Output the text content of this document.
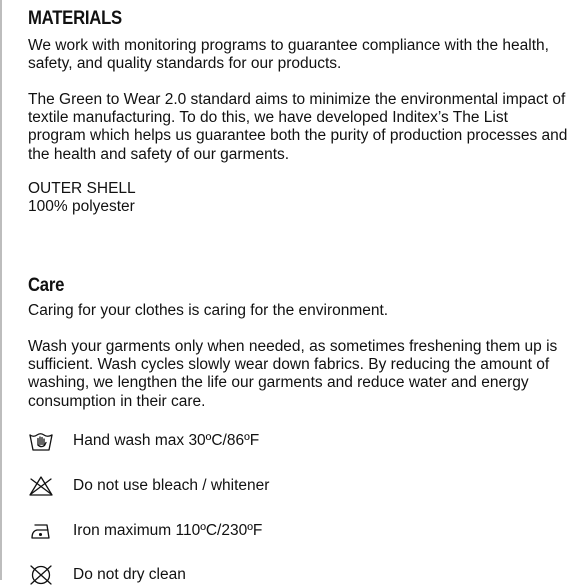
MATERIALS

We work with monitoring programs to guarantee compliance with the health, safety, and quality standards for our products.

The Green to Wear 2.0 standard aims to minimize the environmental impact of textile manufacturing. To do this, we have developed Inditex’s The List program which helps us guarantee both the purity of production processes and the health and safety of our garments.

OUTER SHELL

100% polyester

Care

Caring for your clothes is caring for the environment.

Wash your garments only when needed, as sometimes freshening them up is sufficient. Wash cycles slowly wear down fabrics. By reducing the amount of washing, we lengthen the life our garments and reduce water and energy consumption in their care.

Hand wash max 30ºC/86ºF
Do not use bleach / whitener
Iron maximum 110ºC/230ºF
Do not dry clean
